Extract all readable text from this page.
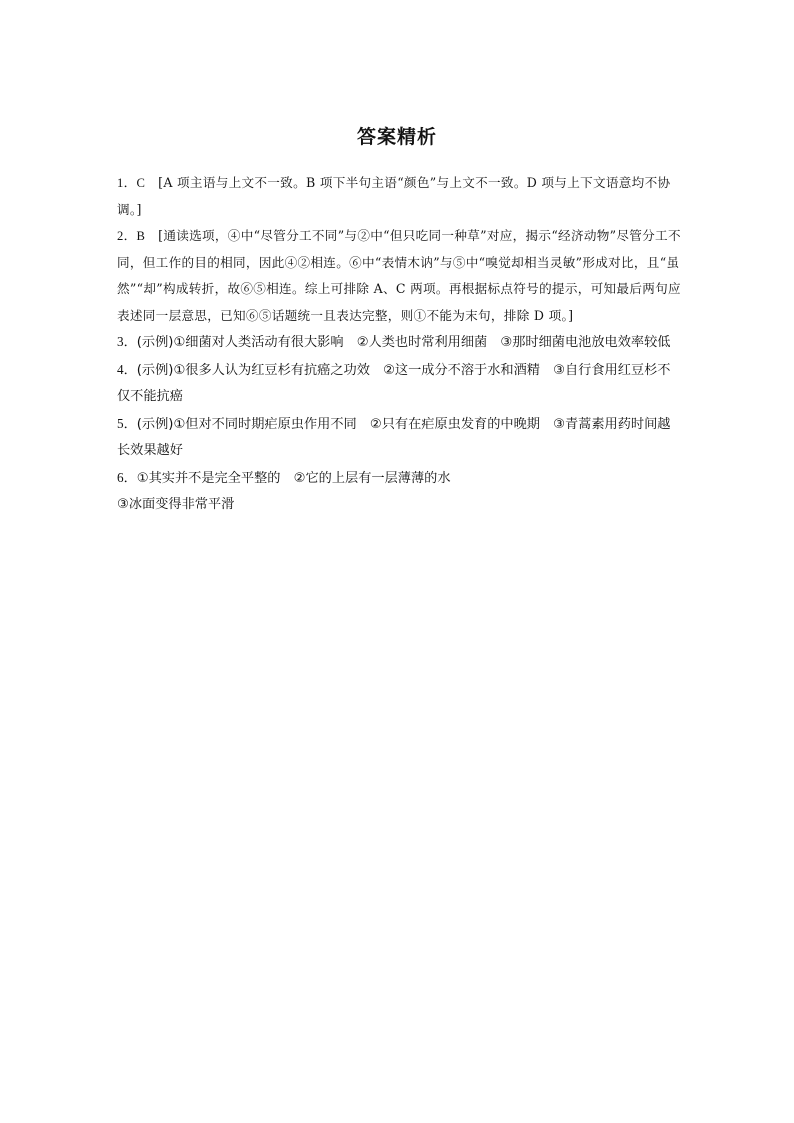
答案精析

1．C [A 项主语与上文不一致。B 项下半句主语“颜色”与上文不一致。D 项与上下文语意均不协调。]

2．B [通读选项，④中“尽管分工不同”与②中“但只吃同一种草”对应，揭示“经济动物”尽管分工不同，但工作的目的相同，因此④②相连。⑥中“表情木讷”与⑤中“嗅觉却相当灵敏”形成对比，且“虽然”“却”构成转折，故⑥⑤相连。综上可排除 A、C 两项。再根据标点符号的提示，可知最后两句应表述同一层意思，已知⑥⑤话题统一且表达完整，则①不能为末句，排除 D 项。]

3．(示例)①细菌对人类活动有很大影响　②人类也时常利用细菌　③那时细菌电池放电效率较低

4．(示例)①很多人认为红豆杉有抗癌之功效　②这一成分不溶于水和酒精　③自行食用红豆杉不仅不能抗癌

5．(示例)①但对不同时期疟原虫作用不同　②只有在疟原虫发育的中晚期　③青蒿素用药时间越长效果越好

6．①其实并不是完全平整的　②它的上层有一层薄薄的水

③冰面变得非常平滑
